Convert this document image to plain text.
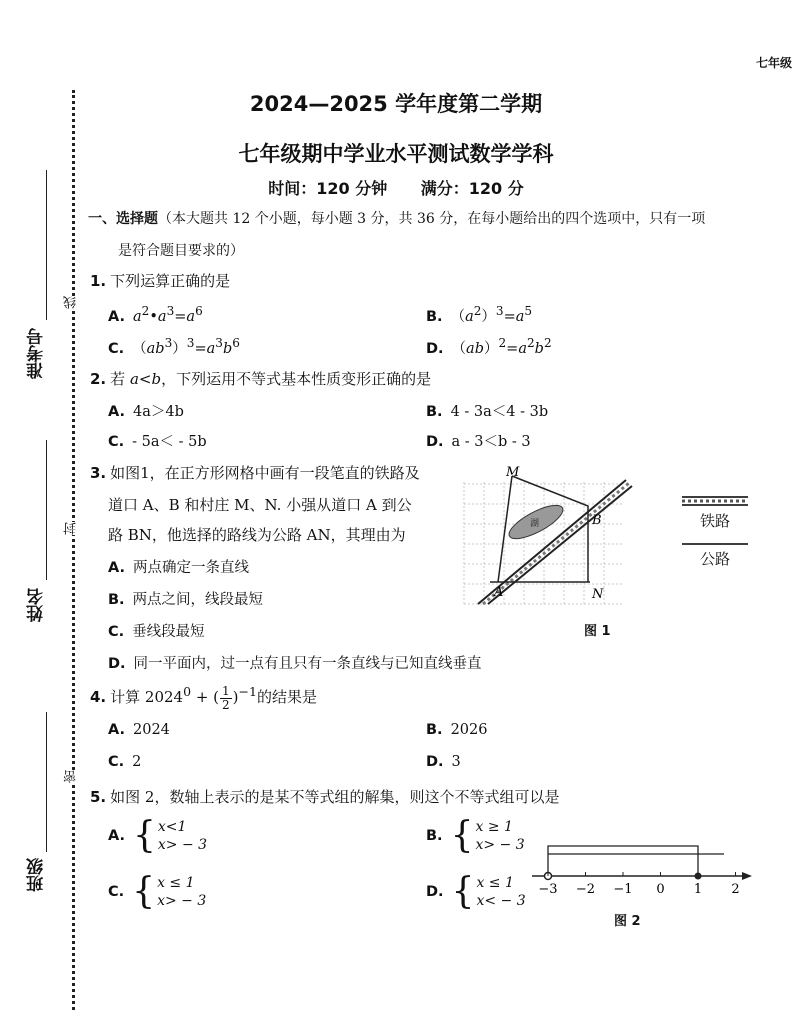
七年级
线
封
密
准考号
姓名
班级
2024—2025 学年度第二学期
七年级期中学业水平测试数学学科
时间：120 分钟 满分：120 分
一、选择题（本大题共 12 个小题，每小题 3 分，共 36 分，在每小题给出的四个选项中，只有一项
是符合题目要求的）
1. 下列运算正确的是
A. $a^2•a^3=a^6$	B. $(a^2)^3=a^5$
C. $(ab^3)^3=a^3b^6$	D. $(ab)^2=a^2b^2$
2. 若 a<b，下列运用不等式基本性质变形正确的是
A. 4a＞4b	B. 4 - 3a＜4 - 3b
C. - 5a＜ - 5b	D. a - 3＜b - 3
3. 如图1，在正方形网格中画有一段笔直的铁路及
道口 A、B 和村庄 M、N. 小强从道口 A 到公
路 BN，他选择的路线为公路 AN，其理由为
A. 两点确定一条直线
B. 两点之间，线段最短
C. 垂线段最短
D. 同一平面内，过一点有且只有一条直线与已知直线垂直
湖
M
B
A	N
图 1
铁路
公路
4. 计算 $2024^0$ + ( $\frac{1}{2} )^{-1}$的结果是
A. 2024	B. 2026
C. 2	D. 3
5. 如图 2，数轴上表示的是某不等式组的解集，则这个不等式组可以是
A. { x<1
x> − 3
B. { x ≥ 1
x> − 3
C. { x ≤ 1
x> − 3
D. { x ≤ 1
x< − 3
−3 −2 −1 0 1 2
图 2
